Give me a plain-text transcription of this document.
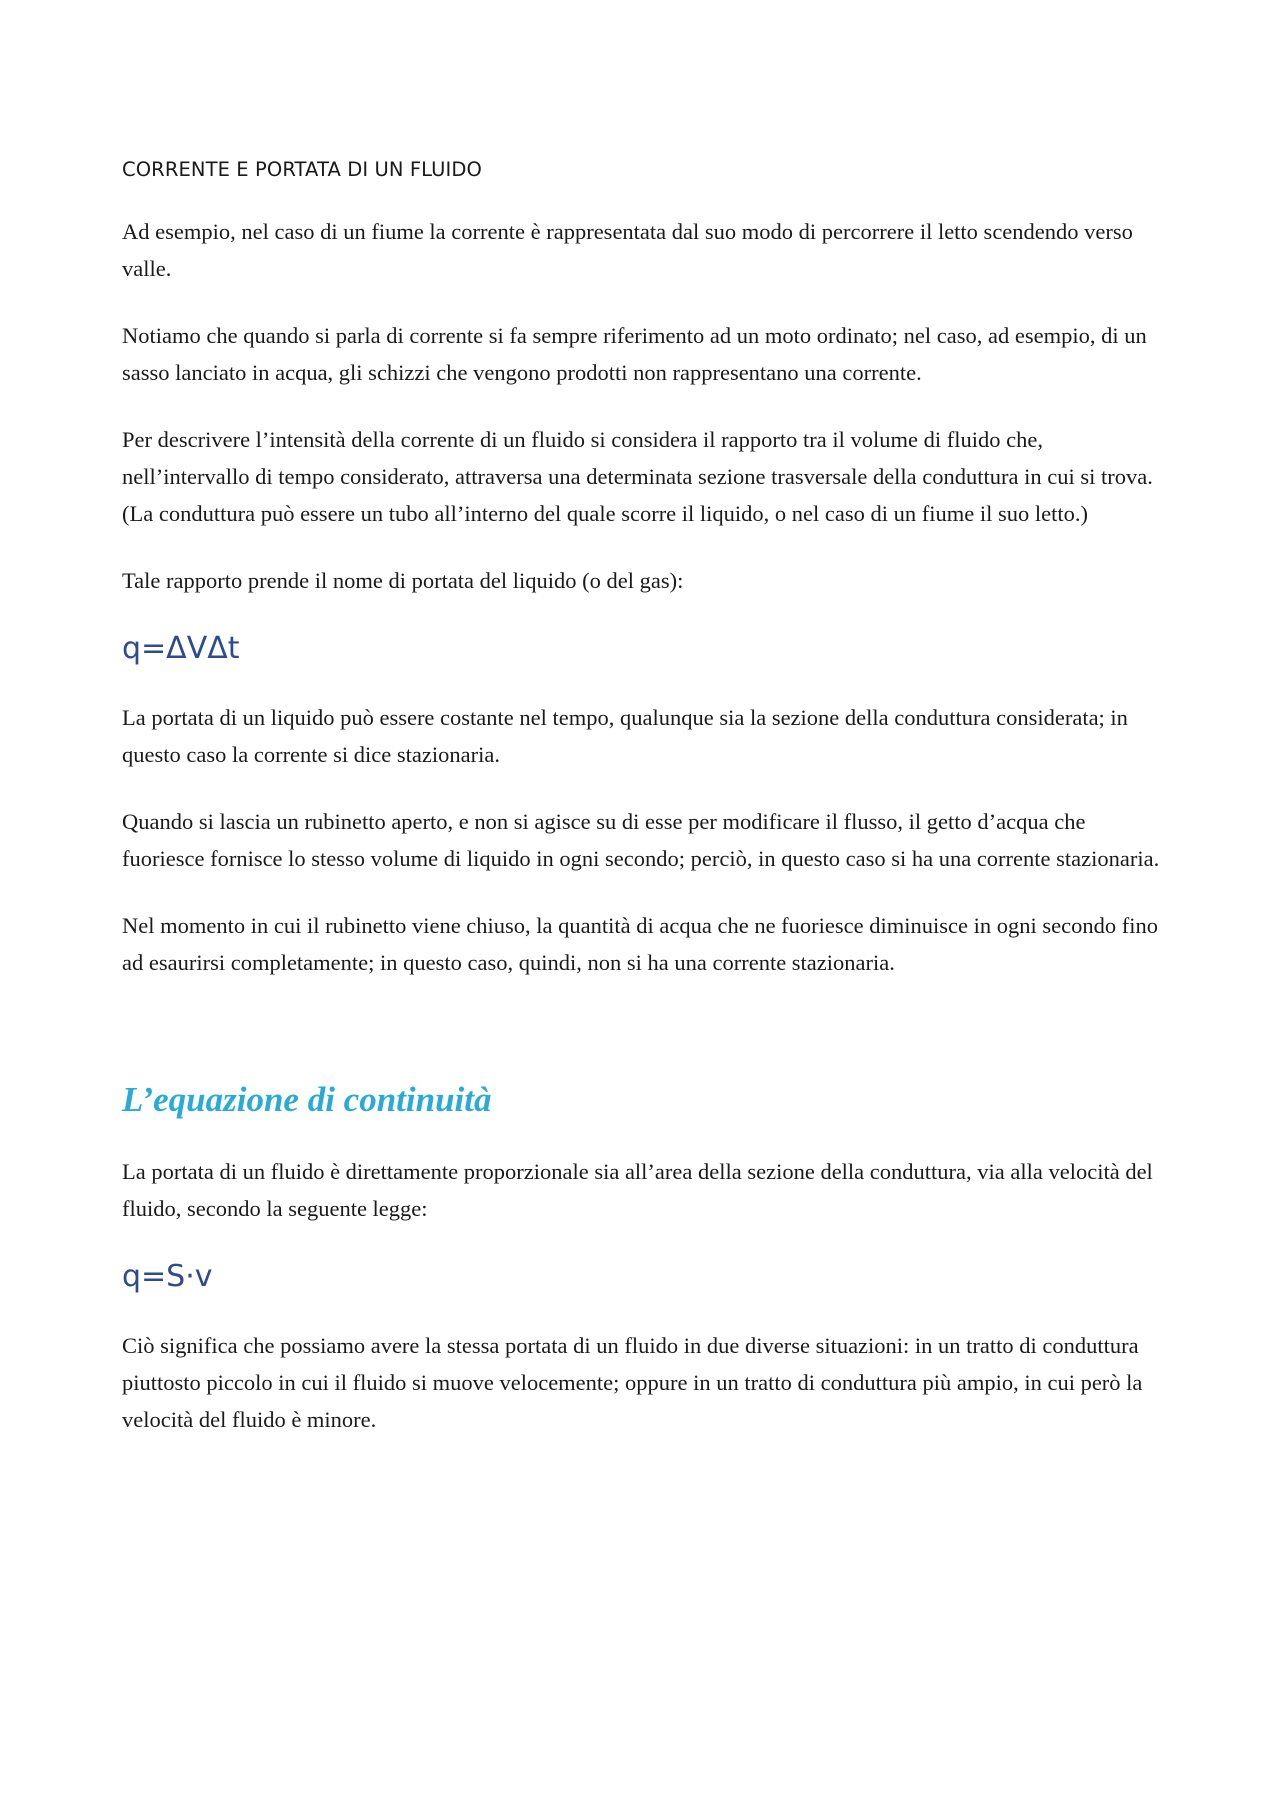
CORRENTE E PORTATA DI UN FLUIDO

Ad esempio, nel caso di un fiume la corrente è rappresentata dal suo modo di percorrere il letto scendendo verso valle.

Notiamo che quando si parla di corrente si fa sempre riferimento ad un moto ordinato; nel caso, ad esempio, di un sasso lanciato in acqua, gli schizzi che vengono prodotti non rappresentano una corrente.

Per descrivere l’intensità della corrente di un fluido si considera il rapporto tra il volume di fluido che, nell’intervallo di tempo considerato, attraversa una determinata sezione trasversale della conduttura in cui si trova. (La conduttura può essere un tubo all’interno del quale scorre il liquido, o nel caso di un fiume il suo letto.)

Tale rapporto prende il nome di portata del liquido (o del gas):

q=ΔVΔt

La portata di un liquido può essere costante nel tempo, qualunque sia la sezione della conduttura considerata; in questo caso la corrente si dice stazionaria.

Quando si lascia un rubinetto aperto, e non si agisce su di esse per modificare il flusso, il getto d’acqua che fuoriesce fornisce lo stesso volume di liquido in ogni secondo; perciò, in questo caso si ha una corrente stazionaria.

Nel momento in cui il rubinetto viene chiuso, la quantità di acqua che ne fuoriesce diminuisce in ogni secondo fino ad esaurirsi completamente; in questo caso, quindi, non si ha una corrente stazionaria.

L’equazione di continuità

La portata di un fluido è direttamente proporzionale sia all’area della sezione della conduttura, via alla velocità del fluido, secondo la seguente legge:

q=S·v

Ciò significa che possiamo avere la stessa portata di un fluido in due diverse situazioni: in un tratto di conduttura piuttosto piccolo in cui il fluido si muove velocemente; oppure in un tratto di conduttura più ampio, in cui però la velocità del fluido è minore.
